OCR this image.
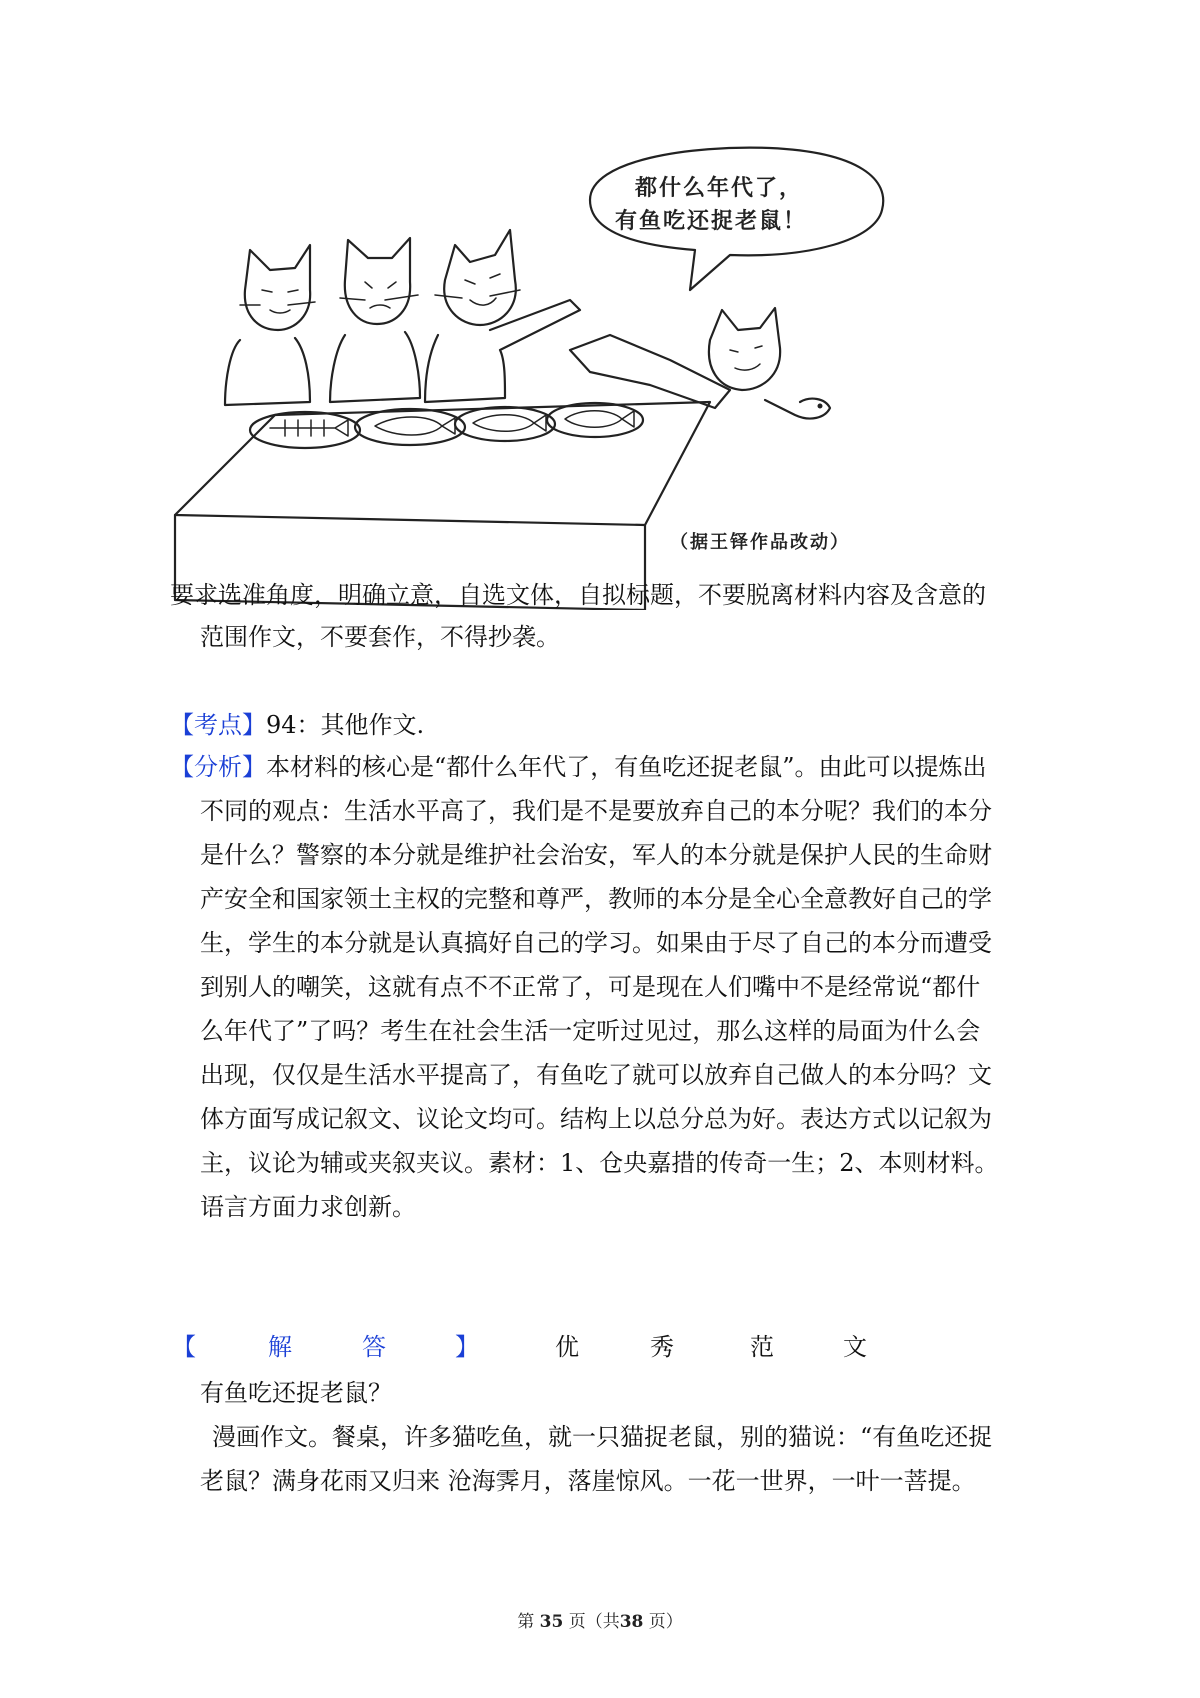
都什么年代了，
有鱼吃还捉老鼠！
（据王铎作品改动）
要求选准角度，明确立意，自选文体，自拟标题，不要脱离材料内容及含意的
范围作文，不要套作，不得抄袭。
【考点】94：其他作文.
【分析】本材料的核心是“都什么年代了，有鱼吃还捉老鼠”。由此可以提炼出
不同的观点：生活水平高了，我们是不是要放弃自己的本分呢？我们的本分
是什么？警察的本分就是维护社会治安，军人的本分就是保护人民的生命财
产安全和国家领土主权的完整和尊严，教师的本分是全心全意教好自己的学
生，学生的本分就是认真搞好自己的学习。如果由于尽了自己的本分而遭受
到别人的嘲笑，这就有点不不正常了，可是现在人们嘴中不是经常说“都什
么年代了”了吗？考生在社会生活一定听过见过，那么这样的局面为什么会
出现，仅仅是生活水平提高了，有鱼吃了就可以放弃自己做人的本分吗？文
体方面写成记叙文、议论文均可。结构上以总分总为好。表达方式以记叙为
主，议论为辅或夹叙夹议。素材：1、仓央嘉措的传奇一生；2、本则材料。
语言方面力求创新。
【	解	答	】	优	秀	范	文
有鱼吃还捉老鼠？
漫画作文。餐桌，许多猫吃鱼，就一只猫捉老鼠，别的猫说：“有鱼吃还捉
老鼠？满身花雨又归来 沧海霁月，落崖惊风。一花一世界，一叶一菩提。
第 35 页（共38 页）
